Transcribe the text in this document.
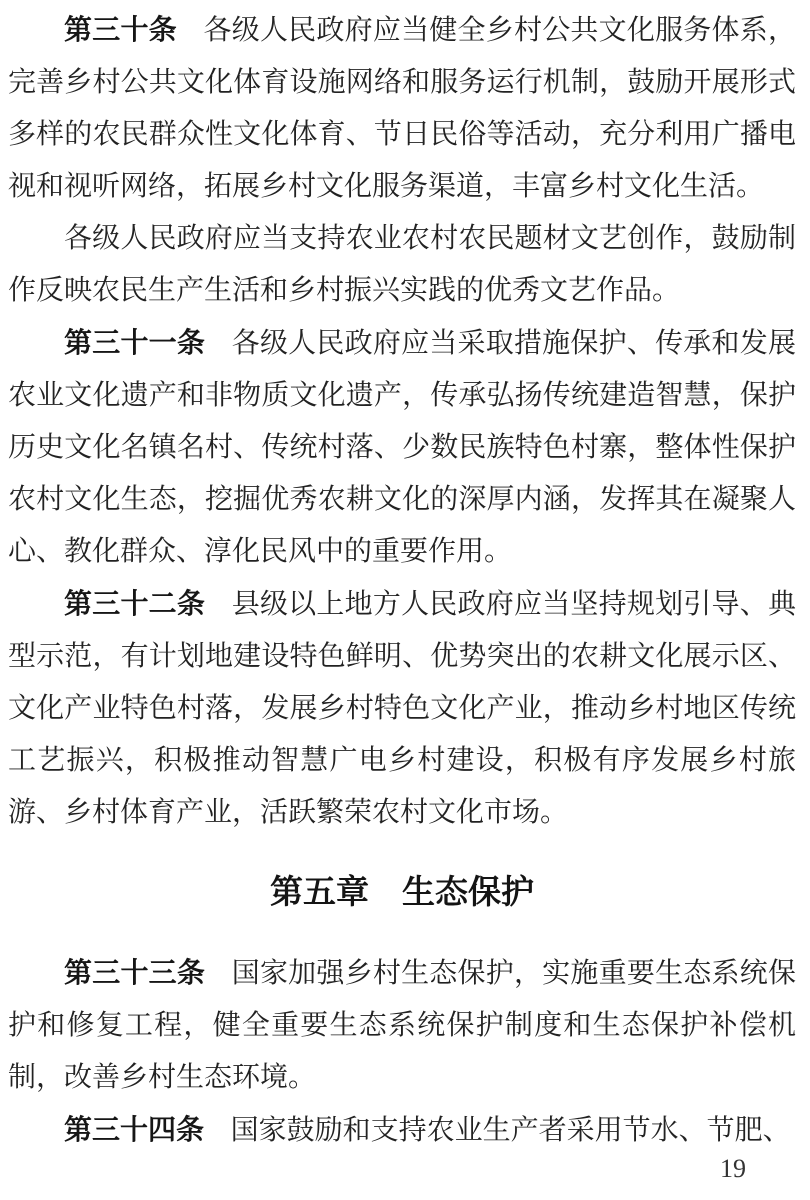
第三十条 各级人民政府应当健全乡村公共文化服务体系，完善乡村公共文化体育设施网络和服务运行机制，鼓励开展形式多样的农民群众性文化体育、节日民俗等活动，充分利用广播电视和视听网络，拓展乡村文化服务渠道，丰富乡村文化生活。

各级人民政府应当支持农业农村农民题材文艺创作，鼓励制作反映农民生产生活和乡村振兴实践的优秀文艺作品。

第三十一条 各级人民政府应当采取措施保护、传承和发展农业文化遗产和非物质文化遗产，传承弘扬传统建造智慧，保护历史文化名镇名村、传统村落、少数民族特色村寨，整体性保护农村文化生态，挖掘优秀农耕文化的深厚内涵，发挥其在凝聚人心、教化群众、淳化民风中的重要作用。

第三十二条 县级以上地方人民政府应当坚持规划引导、典型示范，有计划地建设特色鲜明、优势突出的农耕文化展示区、文化产业特色村落，发展乡村特色文化产业，推动乡村地区传统工艺振兴，积极推动智慧广电乡村建设，积极有序发展乡村旅游、乡村体育产业，活跃繁荣农村文化市场。

第五章　生态保护

第三十三条 国家加强乡村生态保护，实施重要生态系统保护和修复工程，健全重要生态系统保护制度和生态保护补偿机制，改善乡村生态环境。

第三十四条 国家鼓励和支持农业生产者采用节水、节肥、

19
